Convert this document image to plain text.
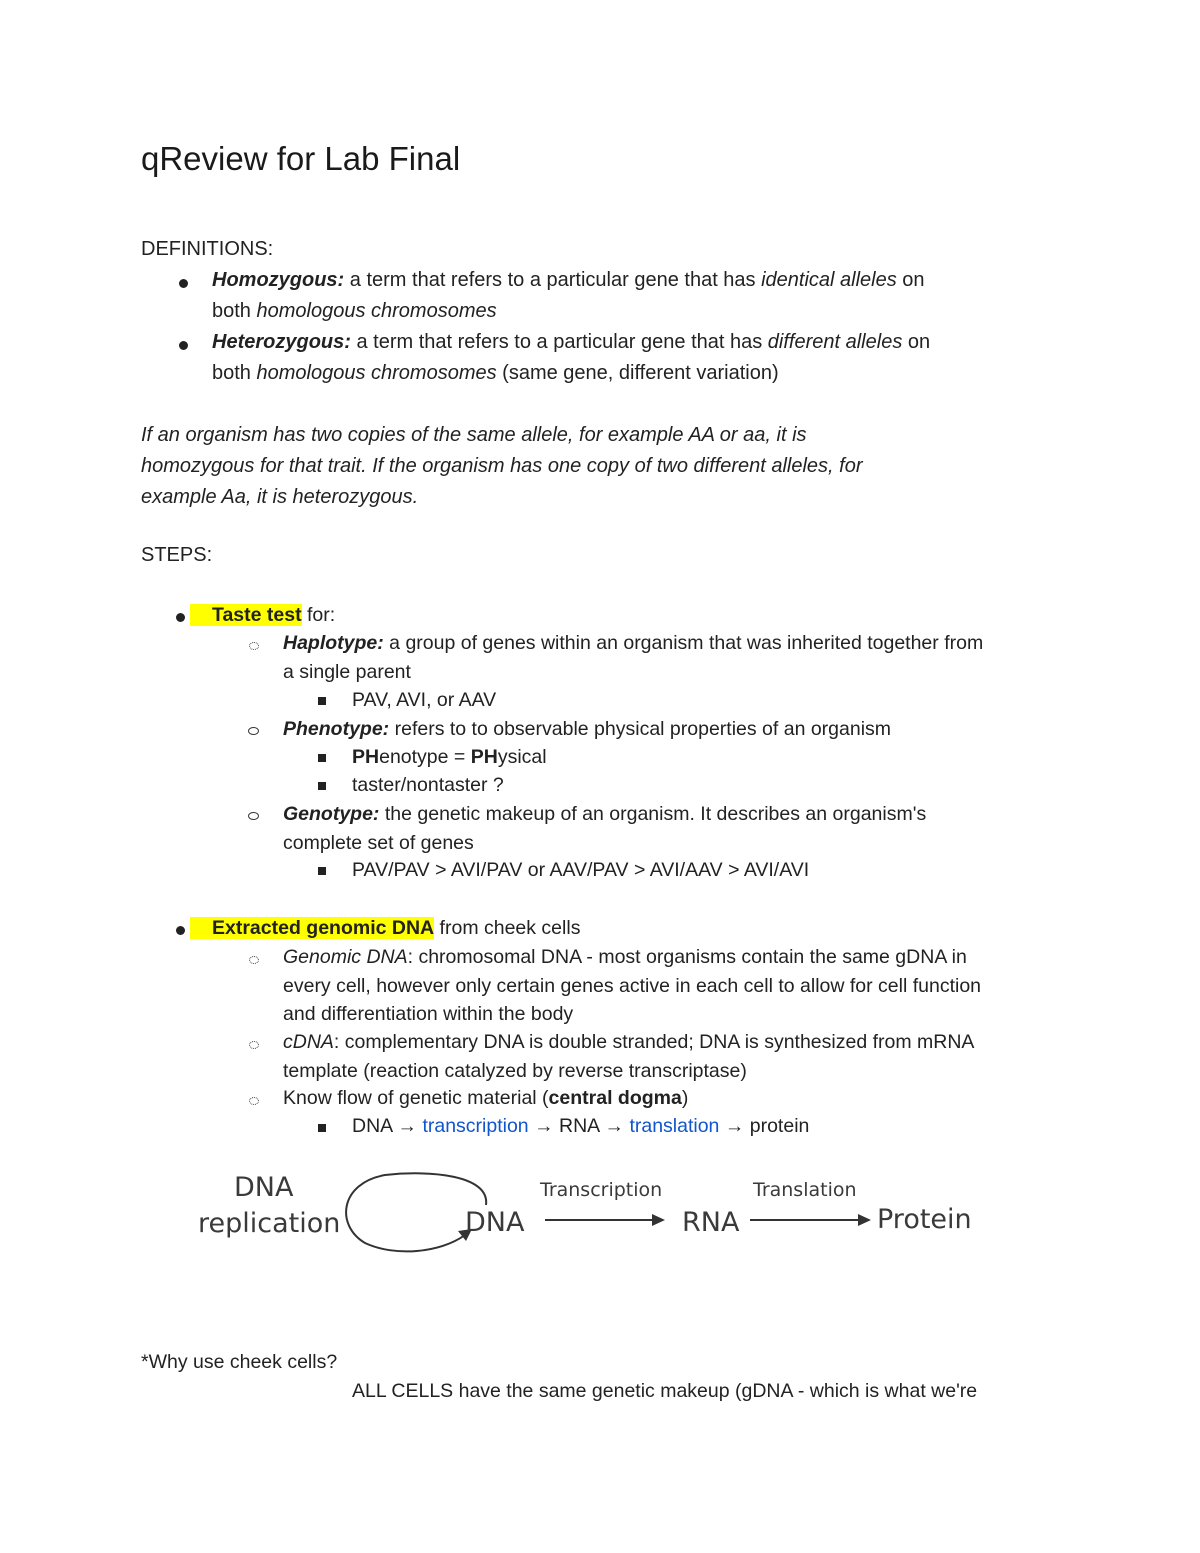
qReview for Lab Final

DEFINITIONS:

Homozygous: a term that refers to a particular gene that has identical alleles on
both homologous chromosomes

Heterozygous: a term that refers to a particular gene that has different alleles on
both homologous chromosomes (same gene, different variation)

If an organism has two copies of the same allele, for example AA or aa, it is
homozygous for that trait. If the organism has one copy of two different alleles, for
example Aa, it is heterozygous.

STEPS:

Taste test for:

Haplotype: a group of genes within an organism that was inherited together from
a single parent

PAV, AVI, or AAV

Phenotype: refers to to observable physical properties of an organism

PHenotype = PHysical

taster/nontaster ?

Genotype: the genetic makeup of an organism. It describes an organism's
complete set of genes

PAV/PAV > AVI/PAV or AAV/PAV > AVI/AAV > AVI/AVI

Extracted genomic DNA from cheek cells

Genomic DNA: chromosomal DNA - most organisms contain the same gDNA in
every cell, however only certain genes active in each cell to allow for cell function
and differentiation within the body

cDNA: complementary DNA is double stranded; DNA is synthesized from mRNA
template (reaction catalyzed by reverse transcriptase)

Know flow of genetic material (central dogma)

DNA → transcription → RNA → translation → protein

DNA
replication	DNA
Transcription
RNA
Translation
Protein

*Why use cheek cells?

ALL CELLS have the same genetic makeup (gDNA - which is what we're
